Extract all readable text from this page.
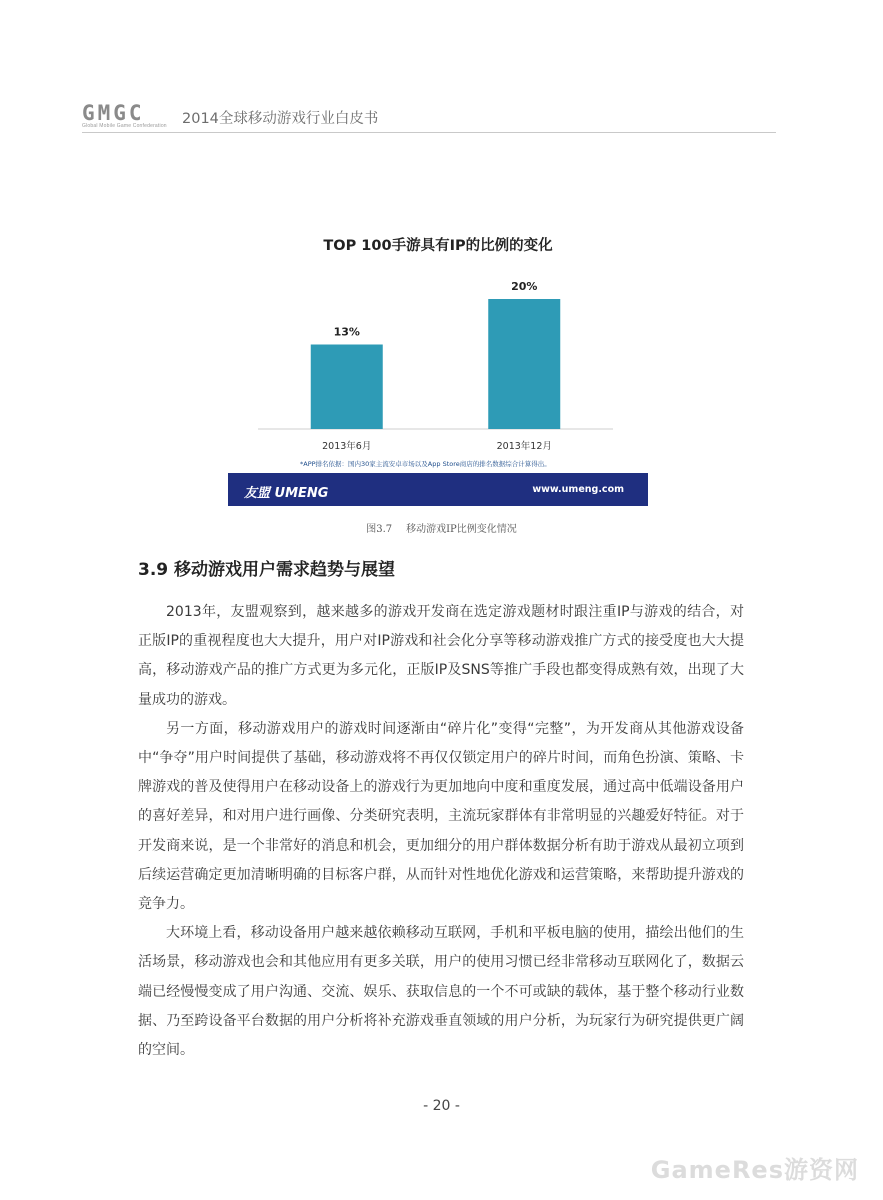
GMGC
Global Mobile Game Confederation	2014全球移动游戏行业白皮书
TOP 100手游具有IP的比例的变化
13%
2013年6月
20%
2013年12月
*APP排名依据：国内30家主流安卓市场以及App Store商店的排名数据综合计算得出。
友盟 UMENG	www.umeng.com
图3.7 移动游戏IP比例变化情况
3.9 移动游戏用户需求趋势与展望

2013年，友盟观察到，越来越多的游戏开发商在选定游戏题材时跟注重IP与游戏的结合，对正版IP的重视程度也大大提升，用户对IP游戏和社会化分享等移动游戏推广方式的接受度也大大提高，移动游戏产品的推广方式更为多元化，正版IP及SNS等推广手段也都变得成熟有效，出现了大量成功的游戏。

另一方面，移动游戏用户的游戏时间逐渐由“碎片化”变得“完整”，为开发商从其他游戏设备中“争夺”用户时间提供了基础，移动游戏将不再仅仅锁定用户的碎片时间，而角色扮演、策略、卡牌游戏的普及使得用户在移动设备上的游戏行为更加地向中度和重度发展，通过高中低端设备用户的喜好差异，和对用户进行画像、分类研究表明，主流玩家群体有非常明显的兴趣爱好特征。对于开发商来说，是一个非常好的消息和机会，更加细分的用户群体数据分析有助于游戏从最初立项到后续运营确定更加清晰明确的目标客户群，从而针对性地优化游戏和运营策略，来帮助提升游戏的竞争力。

大环境上看，移动设备用户越来越依赖移动互联网，手机和平板电脑的使用，描绘出他们的生活场景，移动游戏也会和其他应用有更多关联，用户的使用习惯已经非常移动互联网化了，数据云端已经慢慢变成了用户沟通、交流、娱乐、获取信息的一个不可或缺的载体，基于整个移动行业数据、乃至跨设备平台数据的用户分析将补充游戏垂直领域的用户分析，为玩家行为研究提供更广阔的空间。

- 20 -
GameRes游资网
